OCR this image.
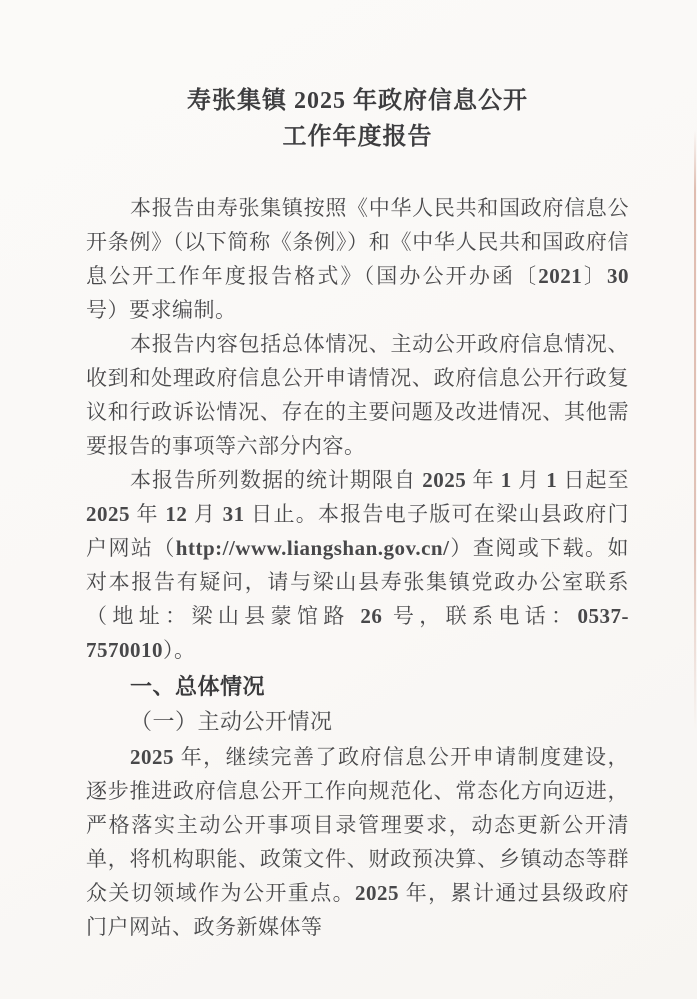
寿张集镇 2025 年政府信息公开
工作年度报告

本报告由寿张集镇按照《中华人民共和国政府信息公开条例》（以下简称《条例》）和《中华人民共和国政府信息公开工作年度报告格式》（国办公开办函〔2021〕30 号）要求编制。

本报告内容包括总体情况、主动公开政府信息情况、收到和处理政府信息公开申请情况、政府信息公开行政复议和行政诉讼情况、存在的主要问题及改进情况、其他需要报告的事项等六部分内容。

本报告所列数据的统计期限自 2025 年 1 月 1 日起至 2025 年 12 月 31 日止。本报告电子版可在梁山县政府门户网站（http://www.liangshan.gov.cn/）查阅或下载。如对本报告有疑问，请与梁山县寿张集镇党政办公室联系（地址：梁山县蒙馆路 26 号，联系电话：0537-7570010）。

一、总体情况

（一）主动公开情况

2025 年，继续完善了政府信息公开申请制度建设，逐步推进政府信息公开工作向规范化、常态化方向迈进，严格落实主动公开事项目录管理要求，动态更新公开清单，将机构职能、政策文件、财政预决算、乡镇动态等群众关切领域作为公开重点。2025 年，累计通过县级政府门户网站、政务新媒体等
